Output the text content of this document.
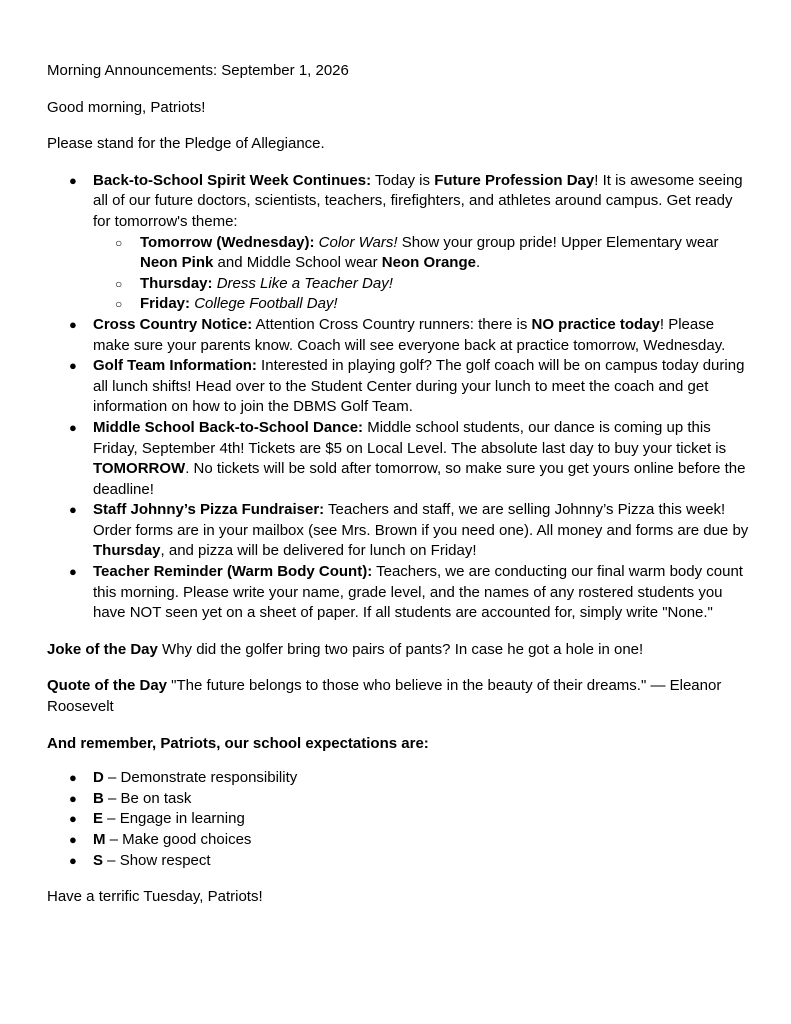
Morning Announcements: September 1, 2026

Good morning, Patriots!

Please stand for the Pledge of Allegiance.

● Back-to-School Spirit Week Continues: Today is Future Profession Day! It is awesome seeing all of our future doctors, scientists, teachers, firefighters, and athletes around campus. Get ready for tomorrow's theme:
○ Tomorrow (Wednesday): Color Wars! Show your group pride! Upper Elementary wear Neon Pink and Middle School wear Neon Orange.
○ Thursday: Dress Like a Teacher Day!
○ Friday: College Football Day!
● Cross Country Notice: Attention Cross Country runners: there is NO practice today! Please make sure your parents know. Coach will see everyone back at practice tomorrow, Wednesday.
● Golf Team Information: Interested in playing golf? The golf coach will be on campus today during all lunch shifts! Head over to the Student Center during your lunch to meet the coach and get information on how to join the DBMS Golf Team.
● Middle School Back-to-School Dance: Middle school students, our dance is coming up this Friday, September 4th! Tickets are $5 on Local Level. The absolute last day to buy your ticket is TOMORROW. No tickets will be sold after tomorrow, so make sure you get yours online before the deadline!
● Staff Johnny’s Pizza Fundraiser: Teachers and staff, we are selling Johnny’s Pizza this week! Order forms are in your mailbox (see Mrs. Brown if you need one). All money and forms are due by Thursday, and pizza will be delivered for lunch on Friday!
● Teacher Reminder (Warm Body Count): Teachers, we are conducting our final warm body count this morning. Please write your name, grade level, and the names of any rostered students you have NOT seen yet on a sheet of paper. If all students are accounted for, simply write "None."

Joke of the Day Why did the golfer bring two pairs of pants? In case he got a hole in one!

Quote of the Day "The future belongs to those who believe in the beauty of their dreams." — Eleanor Roosevelt

And remember, Patriots, our school expectations are:

● D – Demonstrate responsibility
● B – Be on task
● E – Engage in learning
● M – Make good choices
● S – Show respect

Have a terrific Tuesday, Patriots!
